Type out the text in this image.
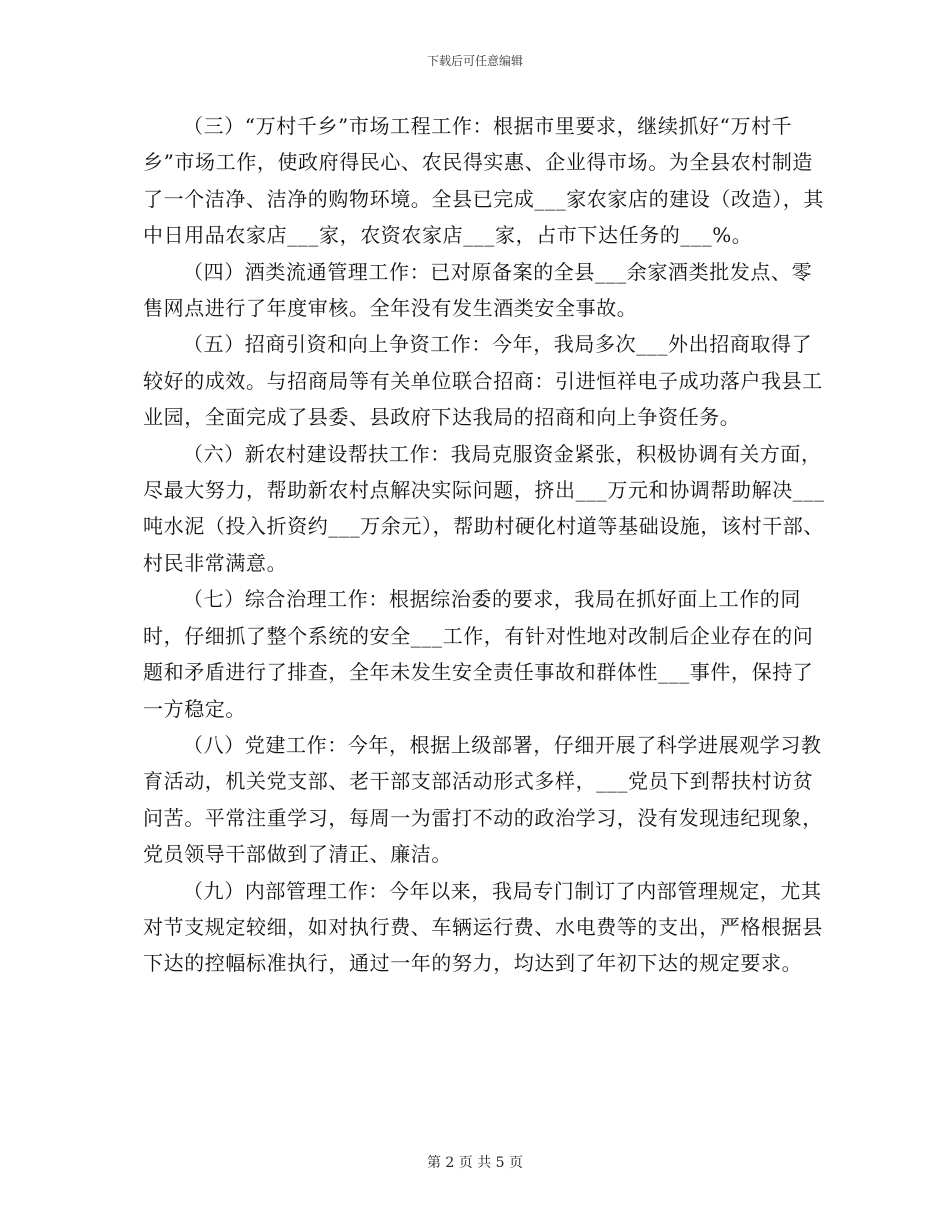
下载后可任意编辑

（三）“万村千乡”市场工程工作：根据市里要求，继续抓好“万村千乡”市场工作，使政府得民心、农民得实惠、企业得市场。为全县农村制造了一个洁净、洁净的购物环境。全县已完成___家农家店的建设（改造），其中日用品农家店___家，农资农家店___家，占市下达任务的___%。

（四）酒类流通管理工作：已对原备案的全县___余家酒类批发点、零售网点进行了年度审核。全年没有发生酒类安全事故。

（五）招商引资和向上争资工作：今年，我局多次___外出招商取得了较好的成效。与招商局等有关单位联合招商：引进恒祥电子成功落户我县工业园，全面完成了县委、县政府下达我局的招商和向上争资任务。

（六）新农村建设帮扶工作：我局克服资金紧张，积极协调有关方面，尽最大努力，帮助新农村点解决实际问题，挤出___万元和协调帮助解决___吨水泥（投入折资约___万余元），帮助村硬化村道等基础设施，该村干部、村民非常满意。

（七）综合治理工作：根据综治委的要求，我局在抓好面上工作的同时，仔细抓了整个系统的安全___工作，有针对性地对改制后企业存在的问题和矛盾进行了排查，全年未发生安全责任事故和群体性___事件，保持了一方稳定。

（八）党建工作：今年，根据上级部署，仔细开展了科学进展观学习教育活动，机关党支部、老干部支部活动形式多样，___党员下到帮扶村访贫问苦。平常注重学习，每周一为雷打不动的政治学习，没有发现违纪现象，党员领导干部做到了清正、廉洁。

（九）内部管理工作：今年以来，我局专门制订了内部管理规定，尤其对节支规定较细，如对执行费、车辆运行费、水电费等的支出，严格根据县下达的控幅标准执行，通过一年的努力，均达到了年初下达的规定要求。

第 2 页 共 5 页
